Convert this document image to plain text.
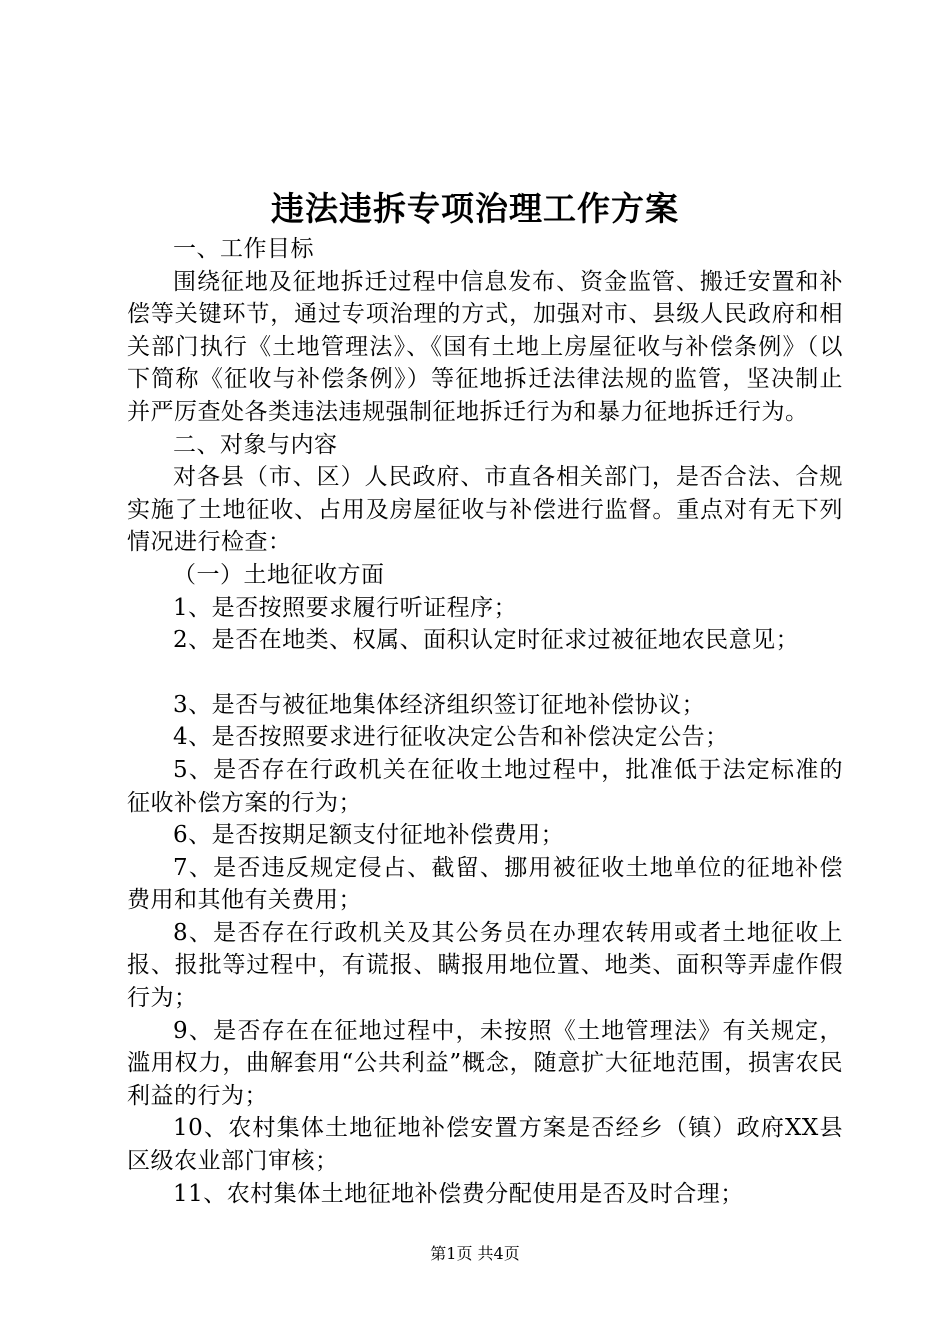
违法违拆专项治理工作方案

一、工作目标

围绕征地及征地拆迁过程中信息发布、资金监管、搬迁安置和补偿等关键环节，通过专项治理的方式，加强对市、县级人民政府和相关部门执行《土地管理法》、《国有土地上房屋征收与补偿条例》（以下简称《征收与补偿条例》）等征地拆迁法律法规的监管，坚决制止并严厉查处各类违法违规强制征地拆迁行为和暴力征地拆迁行为。

二、对象与内容

对各县（市、区）人民政府、市直各相关部门，是否合法、合规实施了土地征收、占用及房屋征收与补偿进行监督。重点对有无下列情况进行检查：

（一）土地征收方面

1、是否按照要求履行听证程序；

2、是否在地类、权属、面积认定时征求过被征地农民意见；

3、是否与被征地集体经济组织签订征地补偿协议；

4、是否按照要求进行征收决定公告和补偿决定公告；

5、是否存在行政机关在征收土地过程中，批准低于法定标准的征收补偿方案的行为；

6、是否按期足额支付征地补偿费用；

7、是否违反规定侵占、截留、挪用被征收土地单位的征地补偿费用和其他有关费用；

8、是否存在行政机关及其公务员在办理农转用或者土地征收上报、报批等过程中，有谎报、瞒报用地位置、地类、面积等弄虚作假行为；

9、是否存在在征地过程中，未按照《土地管理法》有关规定，滥用权力，曲解套用“公共利益”概念，随意扩大征地范围，损害农民利益的行为；

10、农村集体土地征地补偿安置方案是否经乡（镇）政府XX县区级农业部门审核；

11、农村集体土地征地补偿费分配使用是否及时合理；

第1页 共4页
